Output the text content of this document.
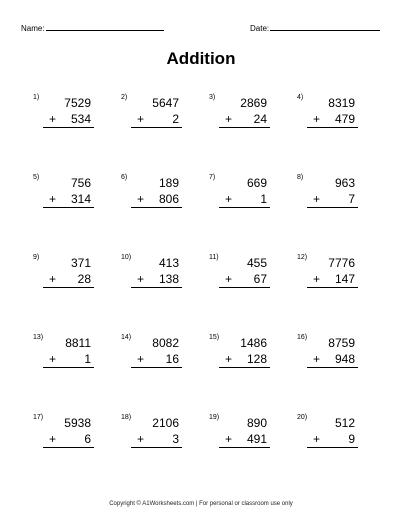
Name:	Date:
Addition
1) 7529
+ 534
2) 5647
+ 2
3) 2869
+ 24
4) 8319
+ 479
5)	756
+ 314
6)	189
+ 806
7)	669
+ 1
8)	963
+ 7
9)	371
+ 28
10) 413
+ 138
11) 455
+ 67
12) 7776
+ 147
13) 8811
+ 1
14) 8082
+ 16
15) 1486
+ 128
16) 8759
+ 948
17) 5938
+ 6
18) 2106
+ 3
19) 890
+ 491
20) 512
+ 9
Copyright © A1Worksheets.com | For personal or classroom use only
